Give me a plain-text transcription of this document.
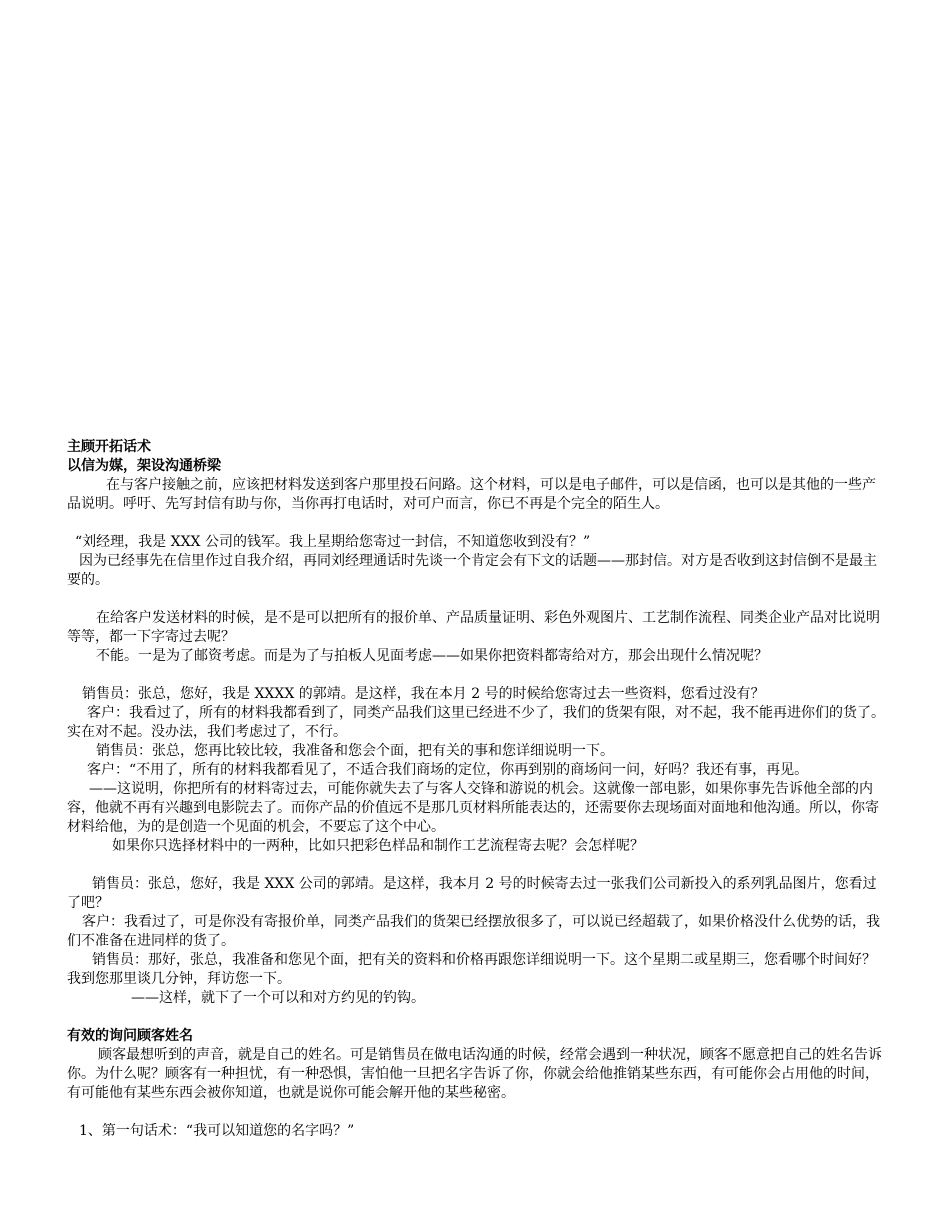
主顾开拓话术
以信为媒，架设沟通桥梁

在与客户接触之前，应该把材料发送到客户那里投石问路。这个材料，可以是电子邮件，可以是信函，也可以是其他的一些产品说明。呼吁、先写封信有助与你，当你再打电话时，对可户而言，你已不再是个完全的陌生人。

“刘经理，我是 XXX 公司的钱军。我上星期给您寄过一封信，不知道您收到没有？”

因为已经事先在信里作过自我介绍，再同刘经理通话时先谈一个肯定会有下文的话题——那封信。对方是否收到这封信倒不是最主要的。

在给客户发送材料的时候，是不是可以把所有的报价单、产品质量证明、彩色外观图片、工艺制作流程、同类企业产品对比说明等等，都一下字寄过去呢？

不能。一是为了邮资考虑。而是为了与拍板人见面考虑——如果你把资料都寄给对方，那会出现什么情况呢？

销售员：张总，您好，我是 XXXX 的郭靖。是这样，我在本月 2 号的时候给您寄过去一些资料，您看过没有？

客户：我看过了，所有的材料我都看到了，同类产品我们这里已经进不少了，我们的货架有限，对不起，我不能再进你们的货了。实在对不起。没办法，我们考虑过了，不行。

销售员：张总，您再比较比较，我准备和您会个面，把有关的事和您详细说明一下。

客户：“不用了，所有的材料我都看见了，不适合我们商场的定位，你再到别的商场问一问，好吗？我还有事，再见。

——这说明，你把所有的材料寄过去，可能你就失去了与客人交锋和游说的机会。这就像一部电影，如果你事先告诉他全部的内容，他就不再有兴趣到电影院去了。而你产品的价值远不是那几页材料所能表达的，还需要你去现场面对面地和他沟通。所以，你寄材料给他，为的是创造一个见面的机会，不要忘了这个中心。

如果你只选择材料中的一两种，比如只把彩色样品和制作工艺流程寄去呢？会怎样呢？

销售员：张总，您好，我是 XXX 公司的郭靖。是这样，我本月 2 号的时候寄去过一张我们公司新投入的系列乳品图片，您看过了吧？

客户：我看过了，可是你没有寄报价单，同类产品我们的货架已经摆放很多了，可以说已经超载了，如果价格没什么优势的话，我们不准备在进同样的货了。

销售员：那好，张总，我准备和您见个面，把有关的资料和价格再跟您详细说明一下。这个星期二或星期三，您看哪个时间好？我到您那里谈几分钟，拜访您一下。

——这样，就下了一个可以和对方约见的钓钩。

有效的询问顾客姓名

顾客最想听到的声音，就是自己的姓名。可是销售员在做电话沟通的时候，经常会遇到一种状况，顾客不愿意把自己的姓名告诉你。为什么呢？顾客有一种担忧，有一种恐惧，害怕他一旦把名字告诉了你，你就会给他推销某些东西，有可能你会占用他的时间，有可能他有某些东西会被你知道，也就是说你可能会解开他的某些秘密。

1、第一句话术：“我可以知道您的名字吗？”
